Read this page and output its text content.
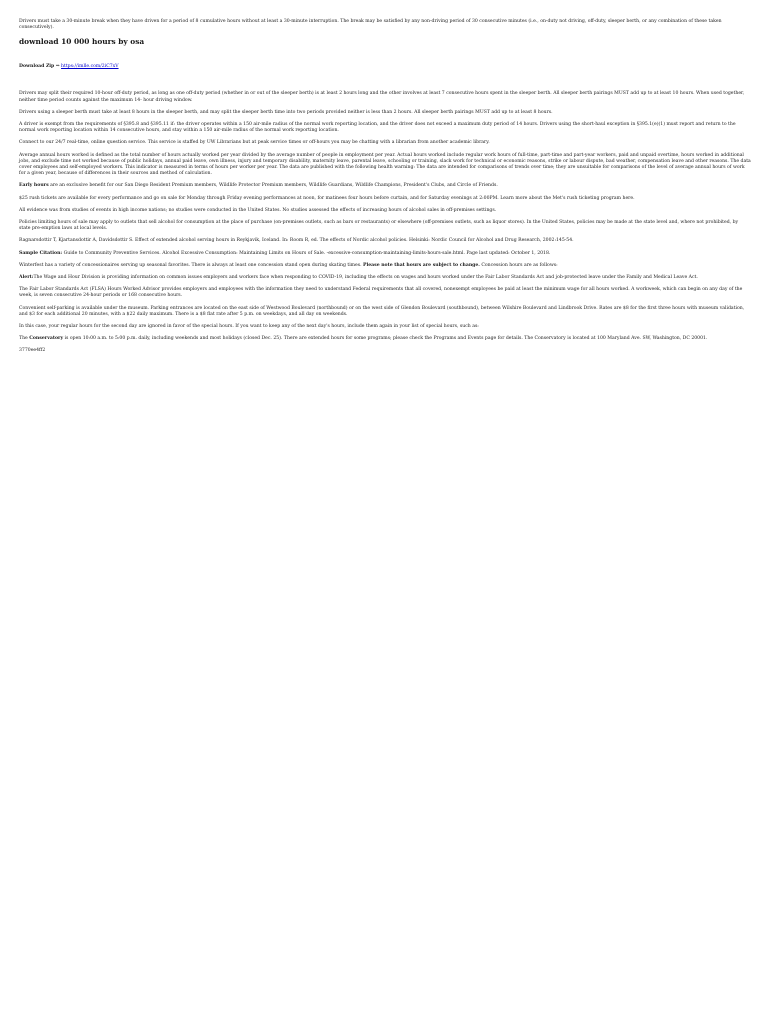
Drivers must take a 30-minute break when they have driven for a period of 8 cumulative hours without at least a 30-minute interruption. The break may be satisfied by any non-driving period of 30 consecutive minutes (i.e., on-duty not driving, off-duty, sleeper berth, or any combination of these taken consecutively).

download 10 000 hours by osa
Download Zip ⇒ https://imlle.com/2iC7xV

Drivers may split their required 10-hour off-duty period, as long as one off-duty period (whether in or out of the sleeper berth) is at least 2 hours long and the other involves at least 7 consecutive hours spent in the sleeper berth. All sleeper berth pairings MUST add up to at least 10 hours. When used together, neither time period counts against the maximum 14- hour driving window.

Drivers using a sleeper berth must take at least 8 hours in the sleeper berth, and may split the sleeper berth time into two periods provided neither is less than 2 hours. All sleeper berth pairings MUST add up to at least 8 hours.

A driver is exempt from the requirements of §395.8 and §395.11 if: the driver operates within a 150 air-mile radius of the normal work reporting location, and the driver does not exceed a maximum duty period of 14 hours. Drivers using the short-haul exception in §395.1(e)(1) must report and return to the normal work reporting location within 14 consecutive hours, and stay within a 150 air-mile radius of the normal work reporting location.

Connect to our 24/7 real-time, online question service. This service is staffed by UW Librarians but at peak service times or off-hours you may be chatting with a librarian from another academic library.

Average annual hours worked is defined as the total number of hours actually worked per year divided by the average number of people in employment per year. Actual hours worked include regular work hours of full-time, part-time and part-year workers, paid and unpaid overtime, hours worked in additional jobs, and exclude time not worked because of public holidays, annual paid leave, own illness, injury and temporary disability, maternity leave, parental leave, schooling or training, slack work for technical or economic reasons, strike or labour dispute, bad weather, compensation leave and other reasons. The data cover employees and self-employed workers. This indicator is measured in terms of hours per worker per year. The data are published with the following health warning: The data are intended for comparisons of trends over time; they are unsuitable for comparisons of the level of average annual hours of work for a given year, because of differences in their sources and method of calculation.

Early hours are an exclusive benefit for our San Diego Resident Premium members, Wildlife Protector Premium members, Wildlife Guardians, Wildlife Champions, President's Clubs, and Circle of Friends.

$25 rush tickets are available for every performance and go on sale for Monday through Friday evening performances at noon, for matinees four hours before curtain, and for Saturday evenings at 2:00PM. Learn more about the Met's rush ticketing program here.

All evidence was from studies of events in high income nations; no studies were conducted in the United States. No studies assessed the effects of increasing hours of alcohol sales in off-premises settings.

Policies limiting hours of sale may apply to outlets that sell alcohol for consumption at the place of purchase (on-premises outlets, such as bars or restaurants) or elsewhere (off-premises outlets, such as liquor stores). In the United States, policies may be made at the state level and, where not prohibited, by state pre-emption laws at local levels.

Ragnarsdottir T, Kjartansdottir A, Davidsdottir S. Effect of extended alcohol serving hours in Reykjavik, Iceland. In: Room R, ed. The effects of Nordic alcohol policies. Helsinki: Nordic Council for Alcohol and Drug Research, 2002:145-54.

Sample Citation: Guide to Community Preventive Services. Alcohol Excessive Consumption: Maintaining Limits on Hours of Sale. -excessive-consumption-maintaining-limits-hours-sale.html. Page last updated: October 1, 2018.

Winterfest has a variety of concessionaires serving up seasonal favorites. There is always at least one concession stand open during skating times. Please note that hours are subject to change. Concession hours are as follows:

Alert:The Wage and Hour Division is providing information on common issues employers and workers face when responding to COVID-19, including the effects on wages and hours worked under the Fair Labor Standards Act and job-protected leave under the Family and Medical Leave Act.

The Fair Labor Standards Act (FLSA) Hours Worked Advisor provides employers and employees with the information they need to understand Federal requirements that all covered, nonexempt employees be paid at least the minimum wage for all hours worked. A workweek, which can begin on any day of the week, is seven consecutive 24-hour periods or 168 consecutive hours.

Convenient self-parking is available under the museum. Parking entrances are located on the east side of Westwood Boulevard (northbound) or on the west side of Glendon Boulevard (southbound), between Wilshire Boulevard and Lindbrook Drive. Rates are $8 for the first three hours with museum validation, and $3 for each additional 20 minutes, with a $22 daily maximum. There is a $8 flat rate after 5 p.m. on weekdays, and all day on weekends.

In this case, your regular hours for the second day are ignored in favor of the special hours. If you want to keep any of the next day's hours, include them again in your list of special hours, such as:

The Conservatory is open 10:00 a.m. to 5:00 p.m. daily, including weekends and most holidays (closed Dec. 25). There are extended hours for some programs; please check the Programs and Events page for details. The Conservatory is located at 100 Maryland Ave. SW, Washington, DC 20001.

3770ee4ff2
